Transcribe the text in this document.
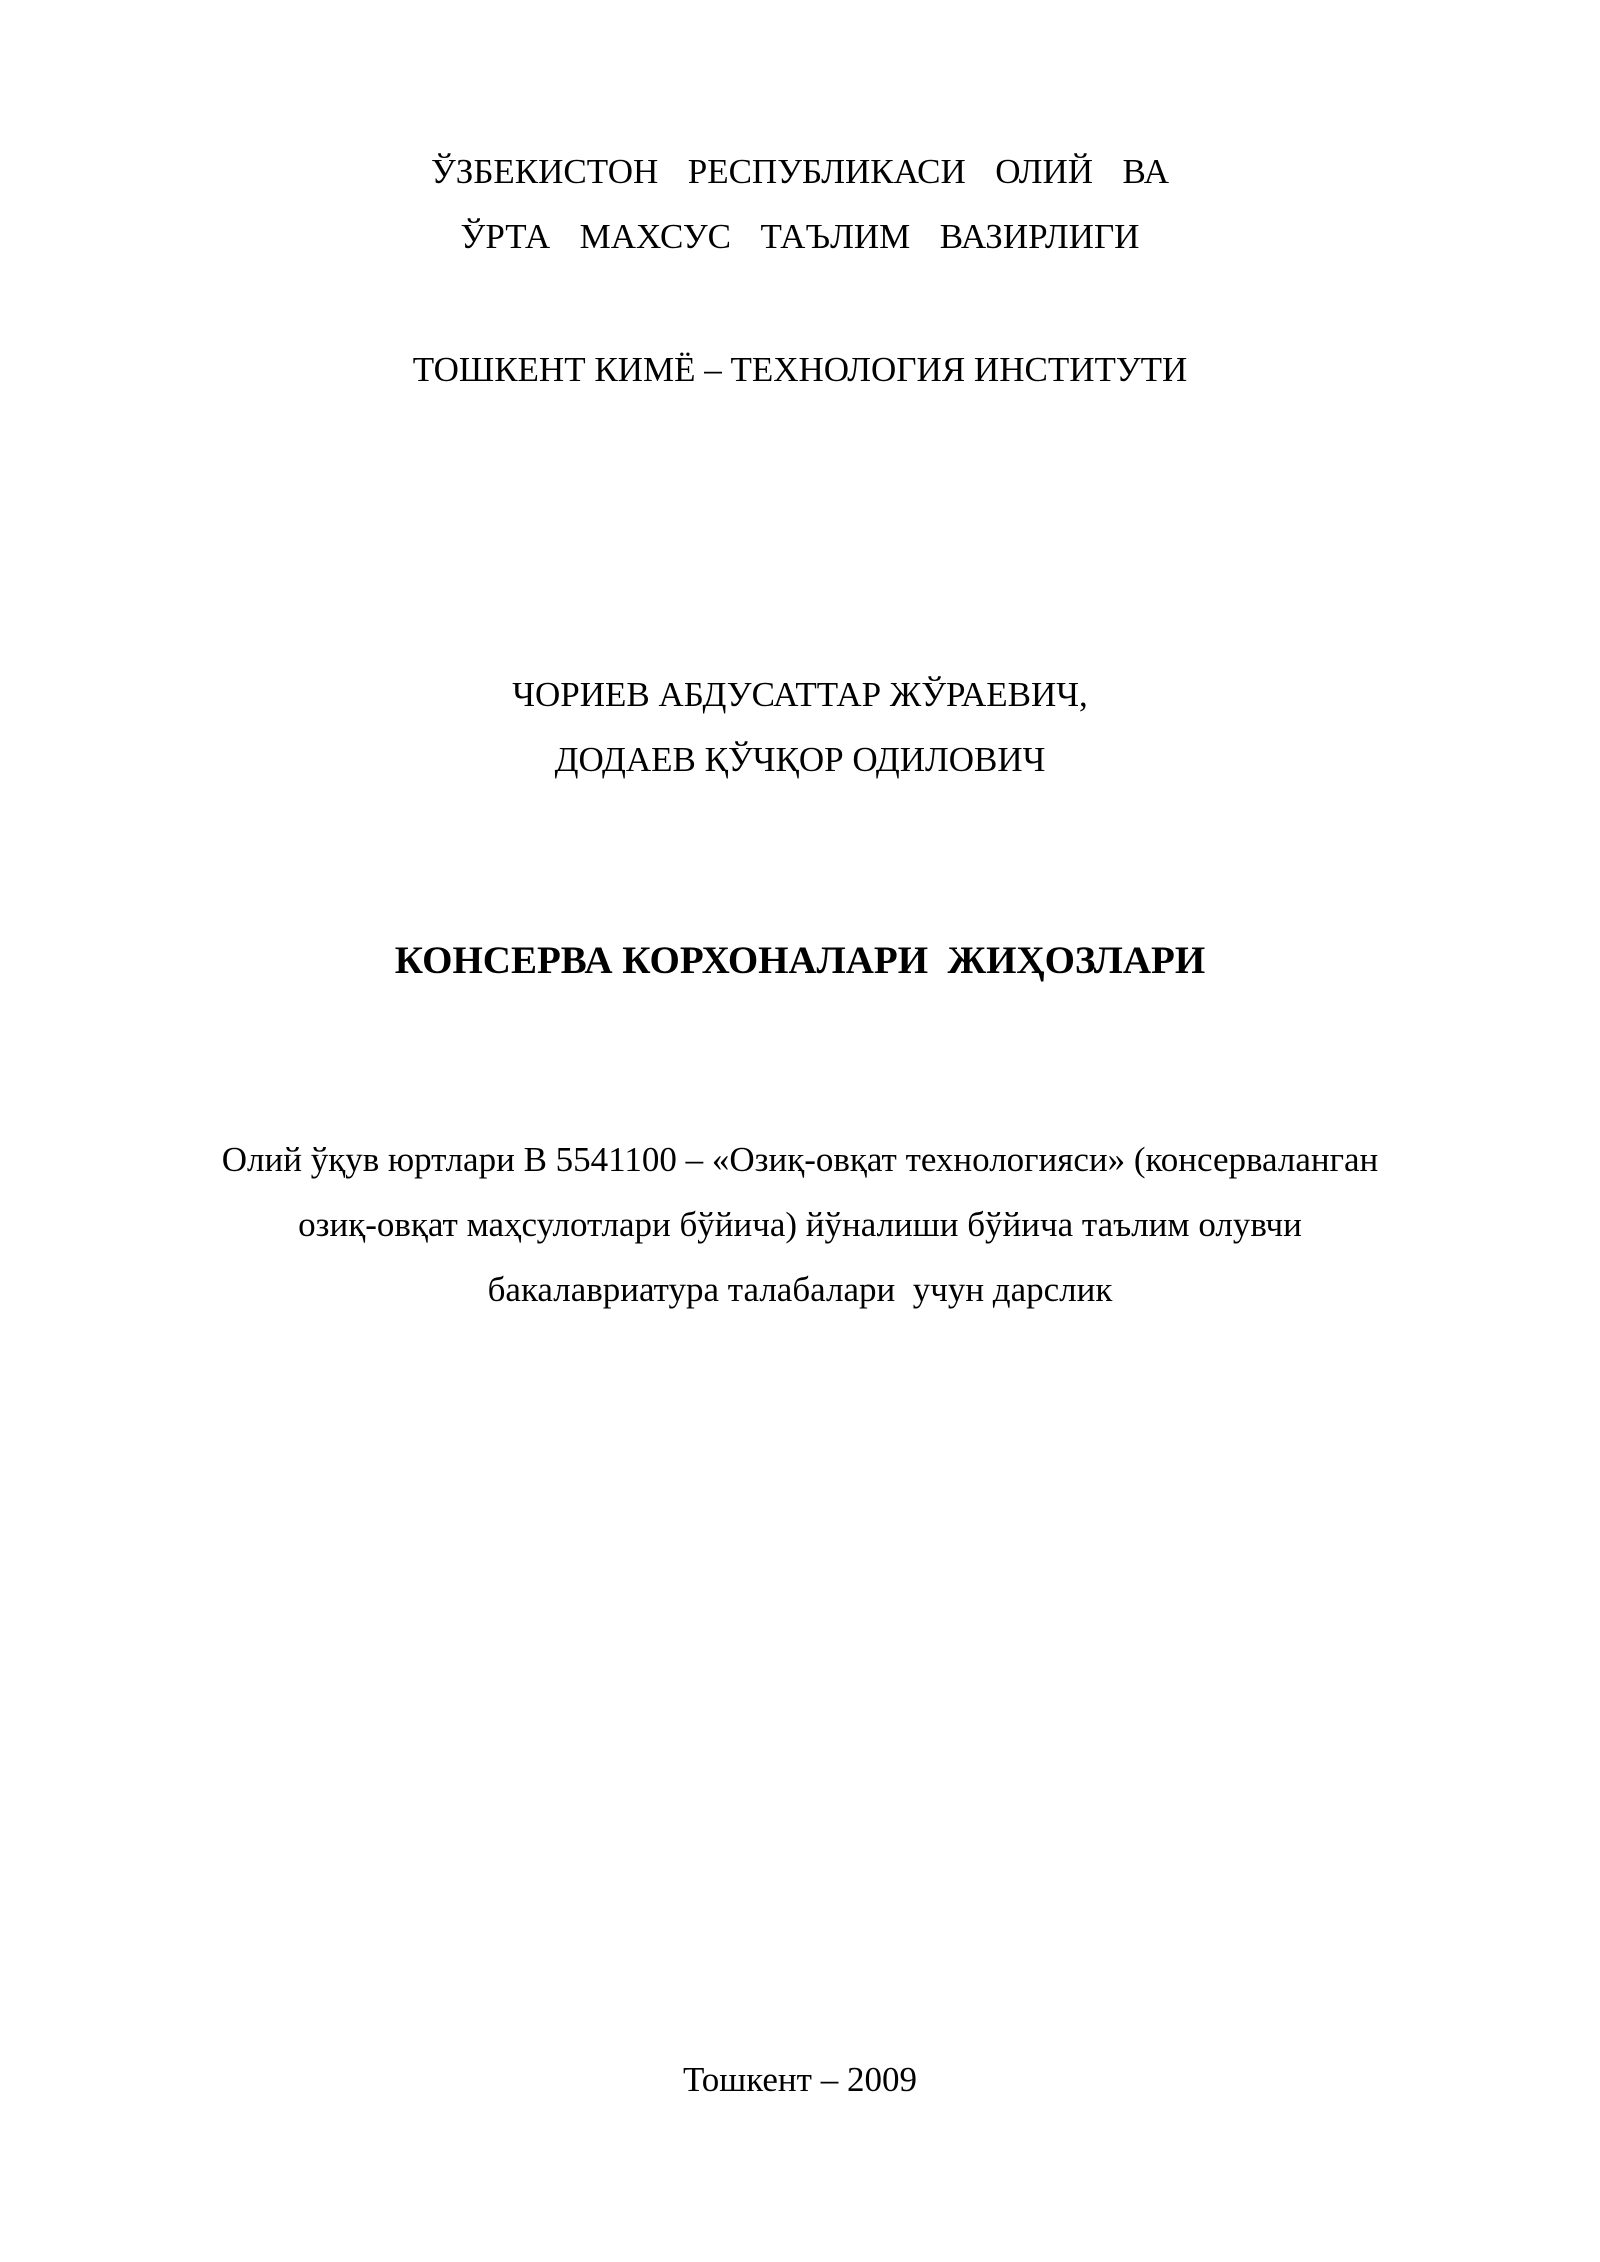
ЎЗБЕКИСТОН  РЕСПУБЛИКАСИ  ОЛИЙ  ВА

ЎРТА  МАХСУС  ТАЪЛИМ  ВАЗИРЛИГИ

ТОШКЕНТ КИМЁ – ТЕХНОЛОГИЯ ИНСТИТУТИ

ЧОРИЕВ АБДУСАТТАР ЖЎРАЕВИЧ,

ДОДАЕВ ҚЎЧҚОР ОДИЛОВИЧ

КОНСЕРВА КОРХОНАЛАРИ  ЖИҲОЗЛАРИ

Олий ўқув юртлари В 5541100 – «Озиқ-овқат технологияси» (консерваланган

озиқ-овқат маҳсулотлари бўйича) йўналиши бўйича таълим олувчи

бакалавриатура талабалари  учун дарслик

Тошкент – 2009
